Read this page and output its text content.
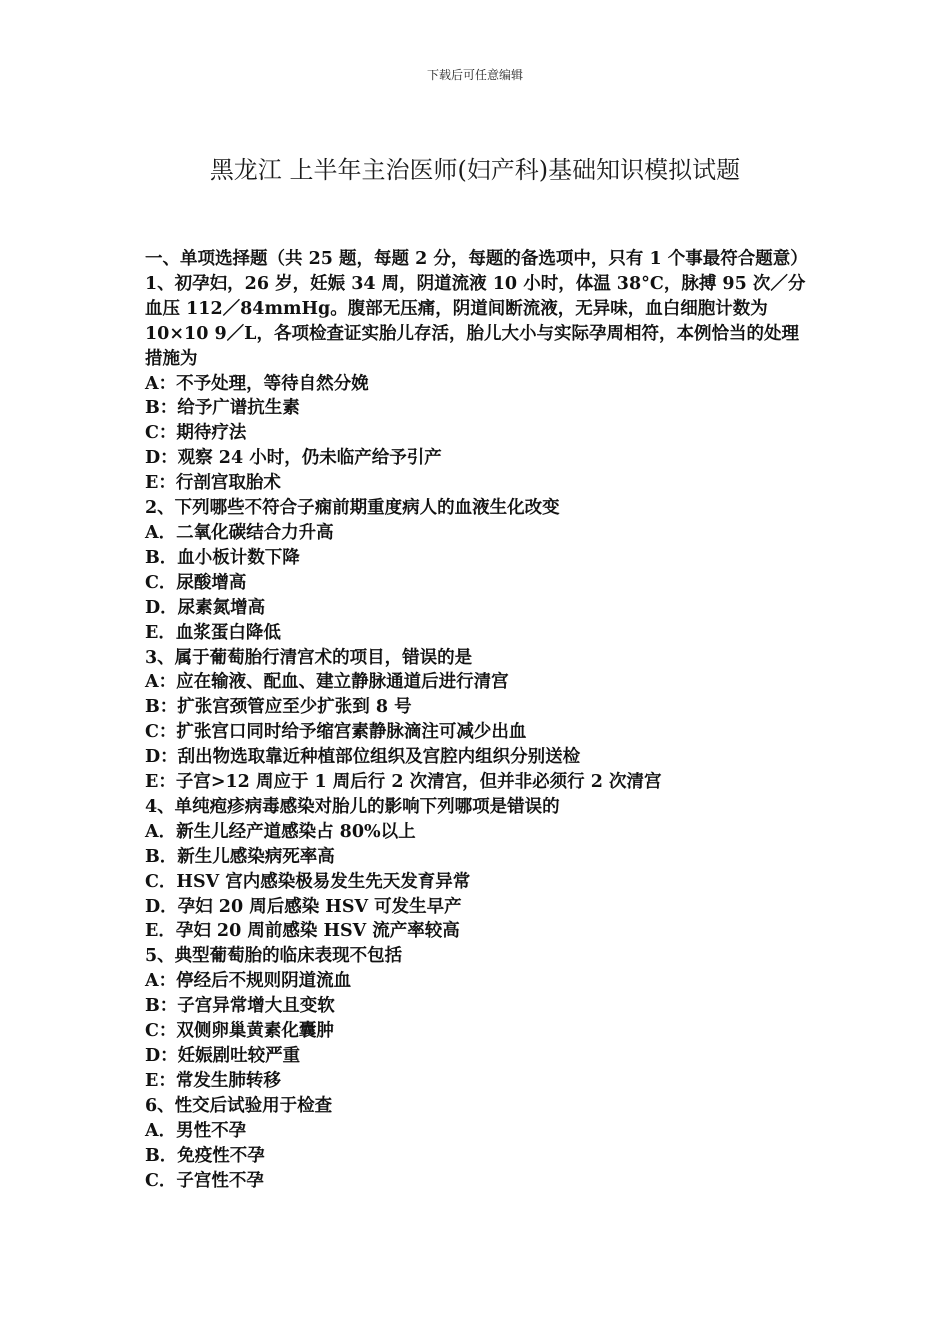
下载后可任意编辑
黑龙江 上半年主治医师(妇产科)基础知识模拟试题

一、单项选择题（共 25 题，每题 2 分，每题的备选项中，只有 1 个事最符合题意）

1、初孕妇，26 岁，妊娠 34 周，阴道流液 10 小时，体温 38°C，脉搏 95 次／分血压 112／84mmHg。腹部无压痛，阴道间断流液，无异味，血白细胞计数为 10×10 9／L，各项检查证实胎儿存活，胎儿大小与实际孕周相符，本例恰当的处理措施为

A：不予处理，等待自然分娩

B：给予广谱抗生素

C：期待疗法

D：观察 24 小时，仍未临产给予引产

E：行剖宫取胎术

2、下列哪些不符合子痫前期重度病人的血液生化改变

A．二氧化碳结合力升高

B．血小板计数下降

C．尿酸增高

D．尿素氮增高

E．血浆蛋白降低

3、属于葡萄胎行清宫术的项目，错误的是

A：应在输液、配血、建立静脉通道后进行清宫

B：扩张宫颈管应至少扩张到 8 号

C：扩张宫口同时给予缩宫素静脉滴注可减少出血

D：刮出物选取靠近种植部位组织及宫腔内组织分别送检

E：子宫>12 周应于 1 周后行 2 次清宫，但并非必须行 2 次清宫

4、单纯疱疹病毒感染对胎儿的影响下列哪项是错误的

A．新生儿经产道感染占 80%以上

B．新生儿感染病死率高

C．HSV 宫内感染极易发生先天发育异常

D．孕妇 20 周后感染 HSV 可发生早产

E．孕妇 20 周前感染 HSV 流产率较高

5、典型葡萄胎的临床表现不包括

A：停经后不规则阴道流血

B：子宫异常增大且变软

C：双侧卵巢黄素化囊肿

D：妊娠剧吐较严重

E：常发生肺转移

6、性交后试验用于检查

A．男性不孕

B．免疫性不孕

C．子宫性不孕
